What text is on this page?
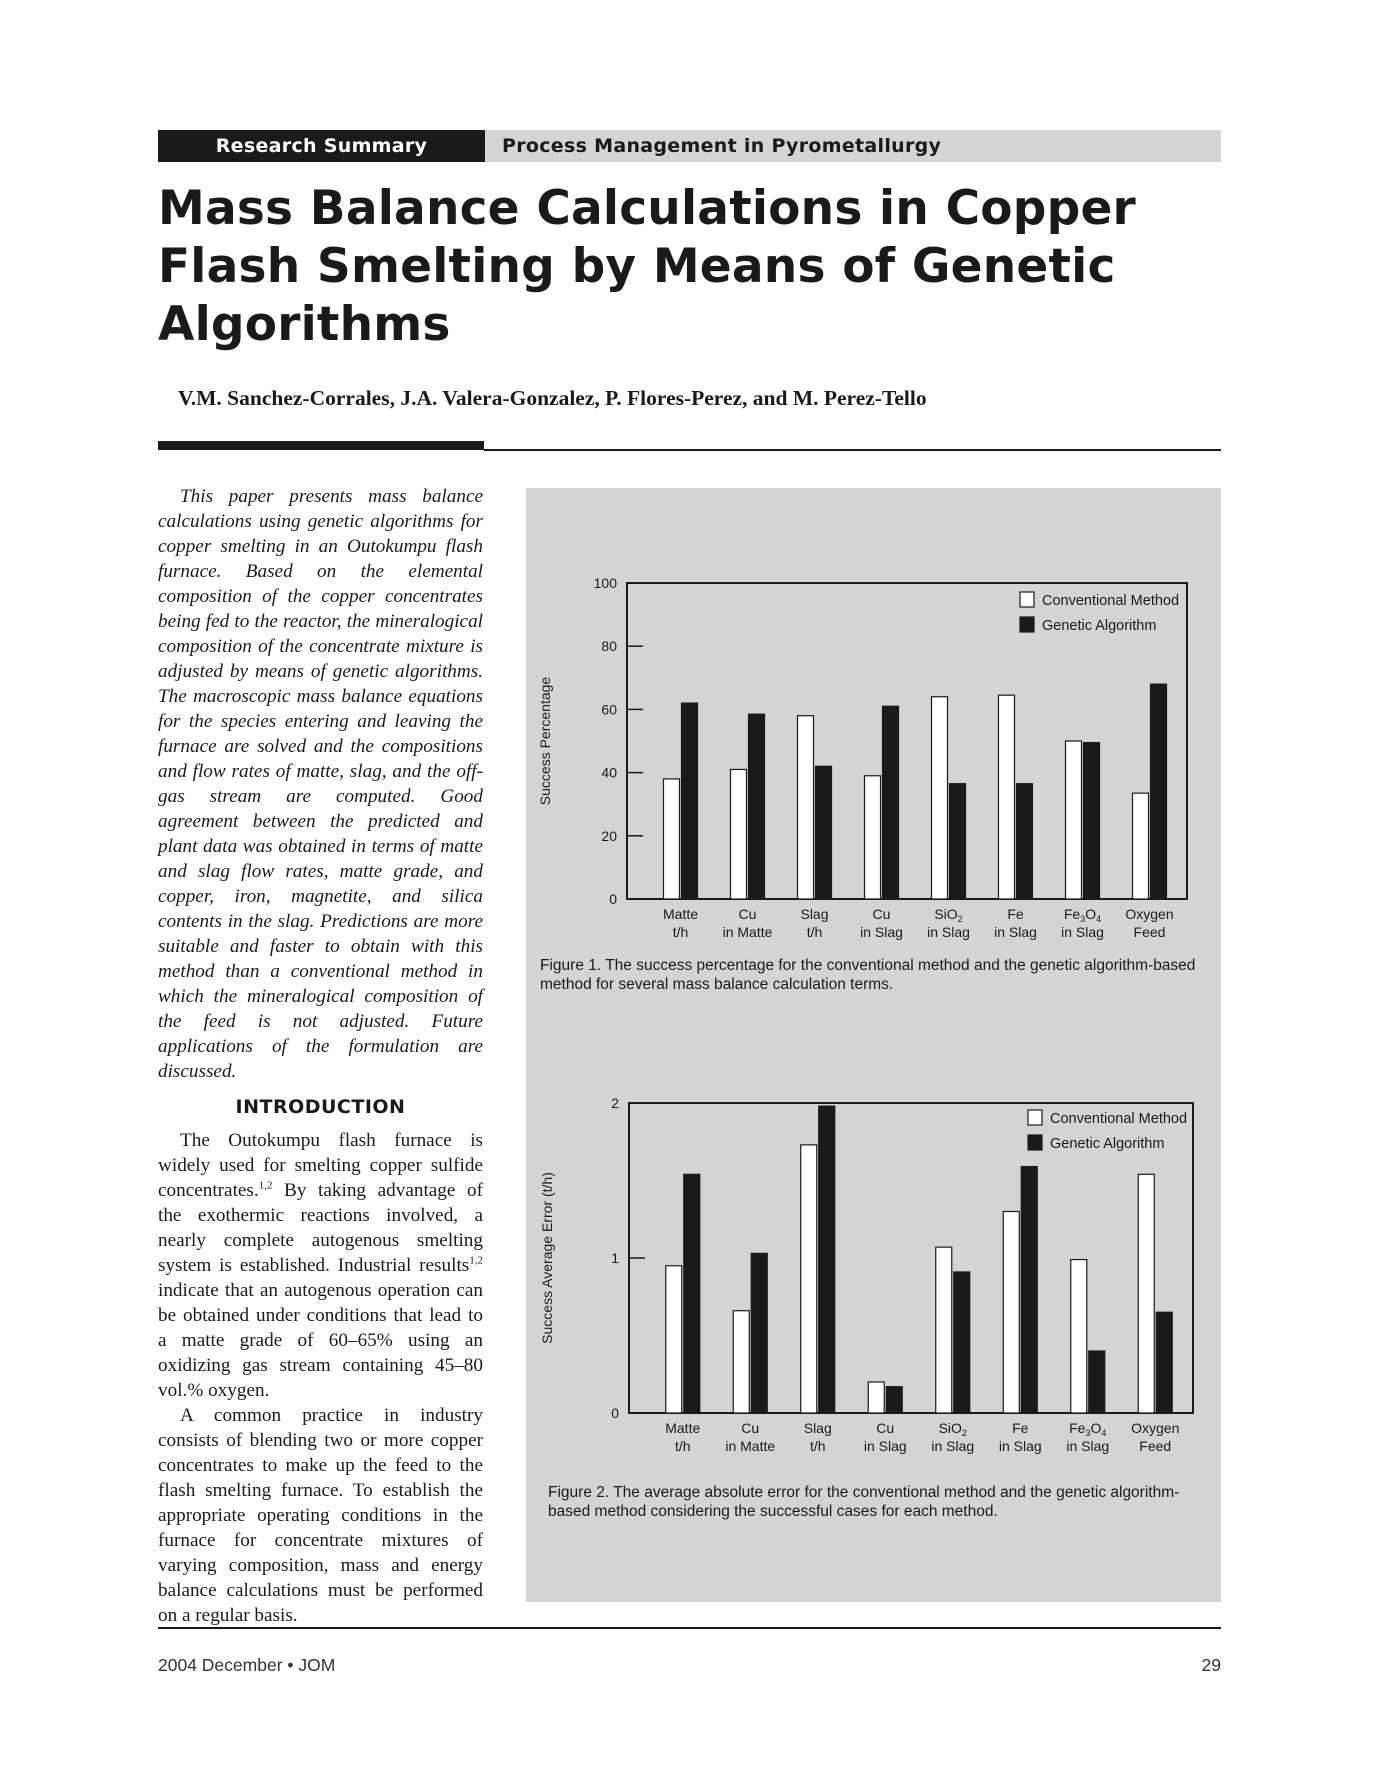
Research Summary	Process Management in Pyrometallurgy
Mass Balance Calculations in Copper Flash Smelting by Means of Genetic Algorithms
V.M. Sanchez-Corrales, J.A. Valera-Gonzalez, P. Flores-Perez, and M. Perez-Tello

This paper presents mass balance calculations using genetic algorithms for copper smelting in an Outokumpu flash furnace. Based on the elemental composition of the copper concentrates being fed to the reactor, the mineralogical composition of the concentrate mixture is adjusted by means of genetic algorithms. The macroscopic mass balance equations for the species entering and leaving the furnace are solved and the compositions and flow rates of matte, slag, and the off-gas stream are computed. Good agreement between the predicted and plant data was obtained in terms of matte and slag flow rates, matte grade, and copper, iron, magnetite, and silica contents in the slag. Predictions are more suitable and faster to obtain with this method than a conventional method in which the mineralogical composition of the feed is not adjusted. Future applications of the formulation are discussed.

INTRODUCTION

The Outokumpu flash furnace is widely used for smelting copper sulfide concentrates.$^{1,2}$ By taking advantage of the exothermic reactions involved, a nearly complete autogenous smelting system is established. Industrial results$^{1,2}$ indicate that an autogenous operation can be obtained under conditions that lead to a matte grade of 60–65% using an oxidizing gas stream containing 45–80 vol.% oxygen.

A common practice in industry consists of blending two or more copper concentrates to make up the feed to the flash smelting furnace. To establish the appropriate operating conditions in the furnace for concentrate mixtures of varying composition, mass and energy balance calculations must be performed on a regular basis.

0
20
40
60
80
100
Success Percentage
Matte
t/h
Cu
in Matte
Slag
t/h
Cu
in Slag
SiO$_2$
in Slag
Fe
in Slag
$Fe_3O_4$
in Slag
Oxygen
Feed
Conventional Method
Genetic Algorithm
Figure 1. The success percentage for the conventional method and the genetic algorithm-based method for several mass balance calculation terms.
0
1
2
Success Average Error (t/h)
Matte
t/h
Cu
in Matte
Slag
t/h
Cu
in Slag
SiO$_2$
in Slag
Fe
in Slag
$Fe_3O_4$
in Slag
Oxygen
Feed
Conventional Method
Genetic Algorithm
Figure 2. The average absolute error for the conventional method and the genetic algorithm-based method considering the successful cases for each method.
2004 December • JOM	29
